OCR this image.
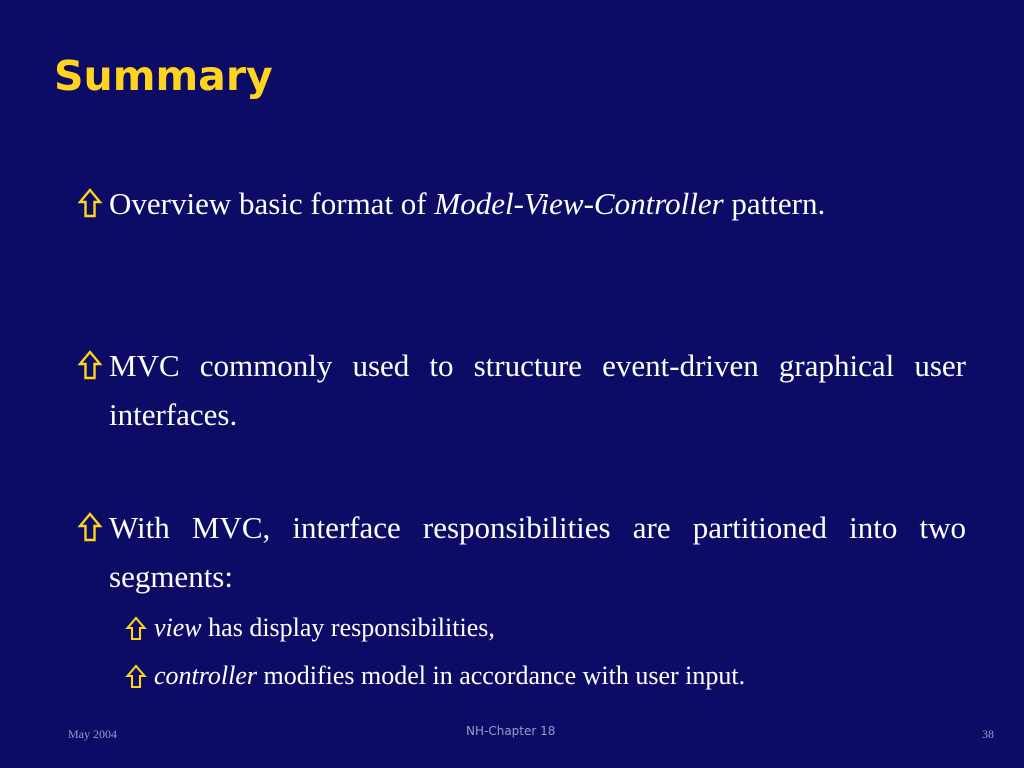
Summary
Overview basic format of Model-View-Controller pattern.
MVC commonly used to structure event-driven graphical user interfaces.
With MVC, interface responsibilities are partitioned into two segments:
view has display responsibilities,
controller modifies model in accordance with user input.
May 2004	NH-Chapter 18	38
